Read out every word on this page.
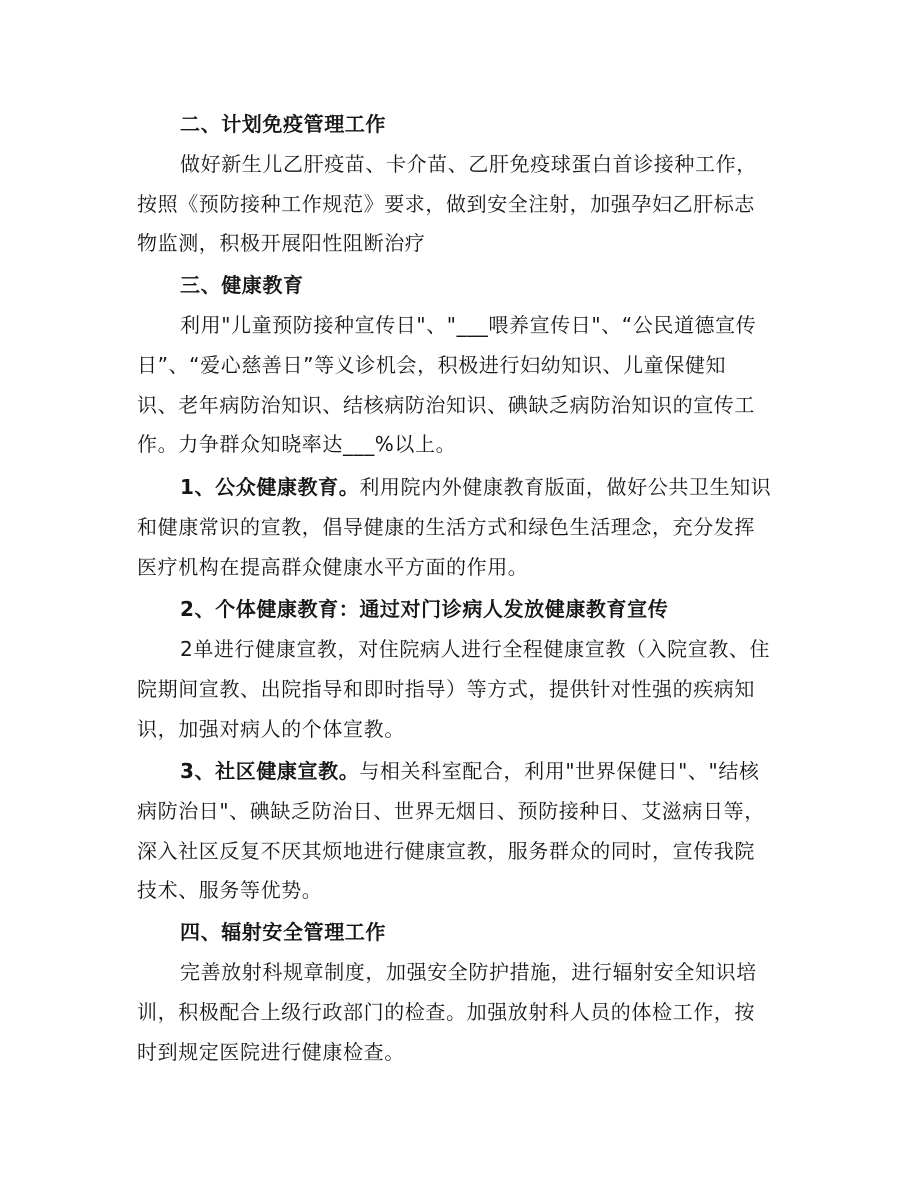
二、计划免疫管理工作
做好新生儿乙肝疫苗、卡介苗、乙肝免疫球蛋白首诊接种工作，
按照《预防接种工作规范》要求，做到安全注射，加强孕妇乙肝标志
物监测，积极开展阳性阻断治疗
三、健康教育
利用"儿童预防接种宣传日"、"___喂养宣传日"、“公民道德宣传
日”、“爱心慈善日”等义诊机会，积极进行妇幼知识、儿童保健知
识、老年病防治知识、结核病防治知识、碘缺乏病防治知识的宣传工
作。力争群众知晓率达___%以上。
1、公众健康教育。利用院内外健康教育版面，做好公共卫生知识
和健康常识的宣教，倡导健康的生活方式和绿色生活理念，充分发挥
医疗机构在提高群众健康水平方面的作用。
2、个体健康教育：通过对门诊病人发放健康教育宣传
2单进行健康宣教，对住院病人进行全程健康宣教（入院宣教、住
院期间宣教、出院指导和即时指导）等方式，提供针对性强的疾病知
识，加强对病人的个体宣教。
3、社区健康宣教。与相关科室配合，利用"世界保健日"、"结核
病防治日"、碘缺乏防治日、世界无烟日、预防接种日、艾滋病日等，
深入社区反复不厌其烦地进行健康宣教，服务群众的同时，宣传我院
技术、服务等优势。
四、辐射安全管理工作
完善放射科规章制度，加强安全防护措施，进行辐射安全知识培
训，积极配合上级行政部门的检查。加强放射科人员的体检工作，按
时到规定医院进行健康检查。
